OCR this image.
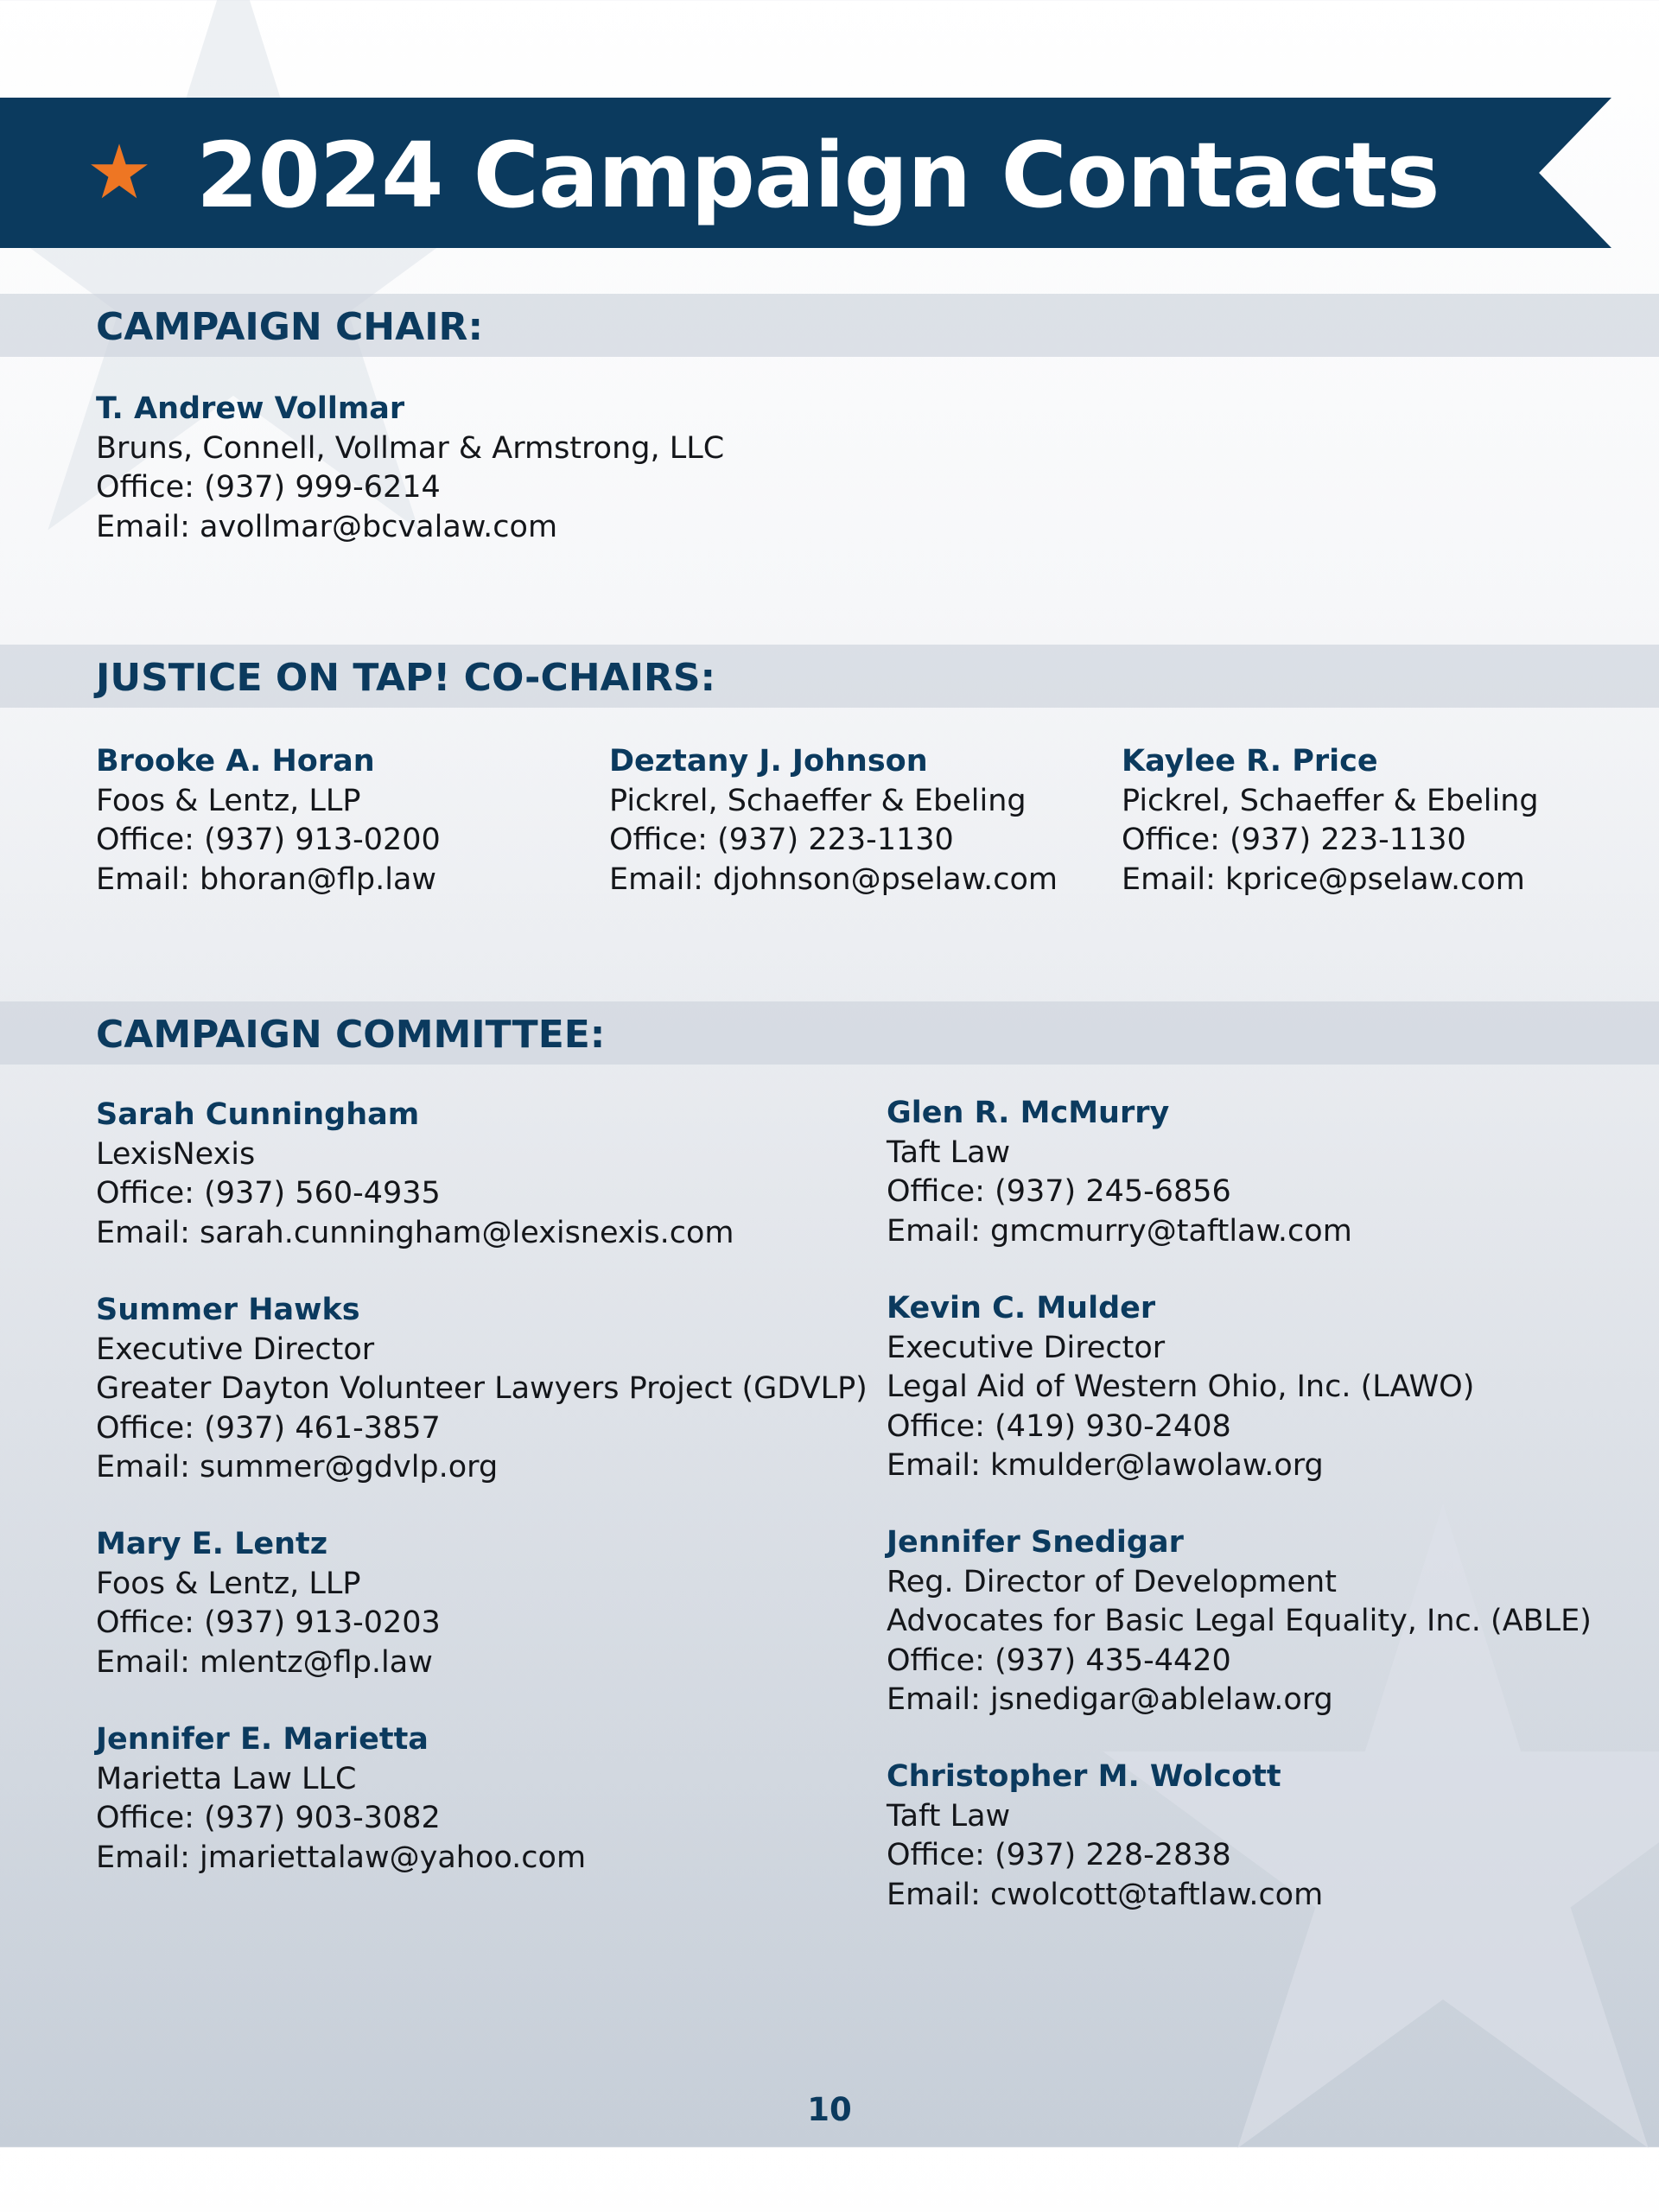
2024 Campaign Contacts
CAMPAIGN CHAIR:
T. Andrew Vollmar
Bruns, Connell, Vollmar & Armstrong, LLC
Office: (937) 999-6214
Email: avollmar@bcvalaw.com
JUSTICE ON TAP! CO-CHAIRS:
Brooke A. Horan
Foos & Lentz, LLP
Office: (937) 913-0200
Email: bhoran@flp.law
Deztany J. Johnson
Pickrel, Schaeffer & Ebeling
Office: (937) 223-1130
Email: djohnson@pselaw.com
Kaylee R. Price
Pickrel, Schaeffer & Ebeling
Office: (937) 223-1130
Email: kprice@pselaw.com
CAMPAIGN COMMITTEE:
Sarah Cunningham
LexisNexis
Office: (937) 560-4935
Email: sarah.cunningham@lexisnexis.com
Summer Hawks
Executive Director
Greater Dayton Volunteer Lawyers Project (GDVLP)
Office: (937) 461-3857
Email: summer@gdvlp.org
Mary E. Lentz
Foos & Lentz, LLP
Office: (937) 913-0203
Email: mlentz@flp.law
Jennifer E. Marietta
Marietta Law LLC
Office: (937) 903-3082
Email: jmariettalaw@yahoo.com
Glen R. McMurry
Taft Law
Office: (937) 245-6856
Email: gmcmurry@taftlaw.com
Kevin C. Mulder
Executive Director
Legal Aid of Western Ohio, Inc. (LAWO)
Office: (419) 930-2408
Email: kmulder@lawolaw.org
Jennifer Snedigar
Reg. Director of Development
Advocates for Basic Legal Equality, Inc. (ABLE)
Office: (937) 435-4420
Email: jsnedigar@ablelaw.org
Christopher M. Wolcott
Taft Law
Office: (937) 228-2838
Email: cwolcott@taftlaw.com
10
